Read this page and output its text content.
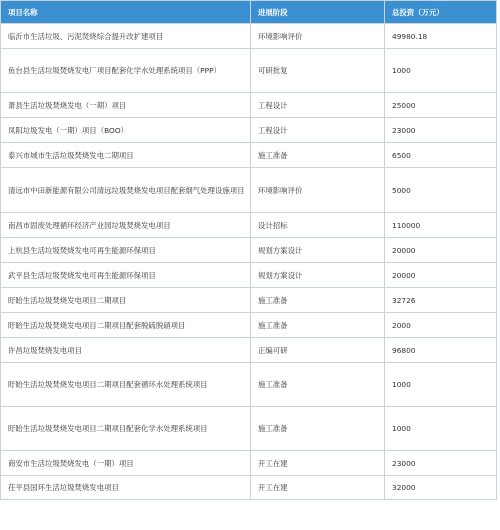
项目名称	进展阶段	总投资（万元）
临沂市生活垃圾、污泥焚烧综合提升改扩建项目	环境影响评价	49980.18
鱼台县生活垃圾焚烧发电厂项目配套化学水处理系统项目（PPP）	可研批复	1000
萧县生活垃圾焚烧发电（一期）项目	工程设计	25000
凤阳垃圾发电（一期）项目（BOO）	工程设计	23000
泰兴市城市生活垃圾焚烧发电二期项目	施工准备	6500
清远市中田新能源有限公司清远垃圾焚烧发电项目配套烟气处理设施项目	环境影响评价	5000
南昌市固废处理循环经济产业园垃圾焚烧发电项目	设计招标	110000
上杭县生活垃圾焚烧发电可再生能源环保项目	规划方案设计	20000
武平县生活垃圾焚烧发电可再生能源环保项目	规划方案设计	20000
盱眙生活垃圾焚烧发电项目二期项目	施工准备	32726
盱眙生活垃圾焚烧发电项目二期项目配套脱硫脱硝项目	施工准备	2000
许昌垃圾焚烧发电项目	正编可研	96800
盱眙生活垃圾焚烧发电项目二期项目配套循环水处理系统项目	施工准备	1000
盱眙生活垃圾焚烧发电项目二期项目配套化学水处理系统项目	施工准备	1000
商安市生活垃圾焚烧发电（一期）项目	开工在建	23000
茌平县国环生活垃圾焚烧发电项目	开工在建	32000
